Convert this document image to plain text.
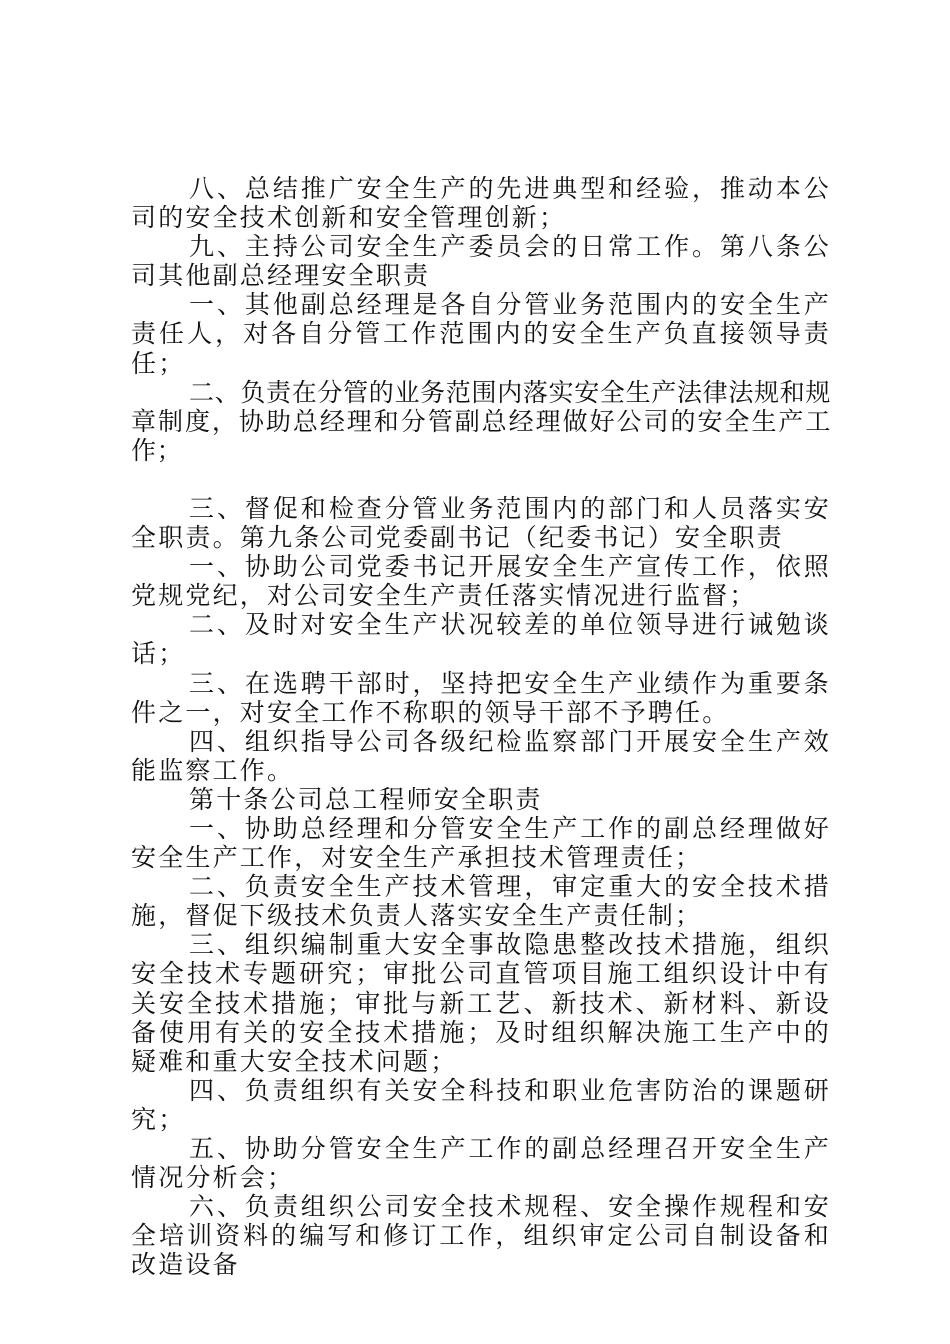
八、总结推广安全生产的先进典型和经验，推动本公司的安全技术创新和安全管理创新；

九、主持公司安全生产委员会的日常工作。第八条公司其他副总经理安全职责

一、其他副总经理是各自分管业务范围内的安全生产责任人，对各自分管工作范围内的安全生产负直接领导责任；

二、负责在分管的业务范围内落实安全生产法律法规和规章制度，协助总经理和分管副总经理做好公司的安全生产工作；

三、督促和检查分管业务范围内的部门和人员落实安全职责。第九条公司党委副书记（纪委书记）安全职责

一、协助公司党委书记开展安全生产宣传工作，依照党规党纪，对公司安全生产责任落实情况进行监督；

二、及时对安全生产状况较差的单位领导进行诫勉谈话；

三、在选聘干部时，坚持把安全生产业绩作为重要条件之一，对安全工作不称职的领导干部不予聘任。

四、组织指导公司各级纪检监察部门开展安全生产效能监察工作。

第十条公司总工程师安全职责

一、协助总经理和分管安全生产工作的副总经理做好安全生产工作，对安全生产承担技术管理责任；

二、负责安全生产技术管理，审定重大的安全技术措施，督促下级技术负责人落实安全生产责任制；

三、组织编制重大安全事故隐患整改技术措施，组织安全技术专题研究；审批公司直管项目施工组织设计中有关安全技术措施；审批与新工艺、新技术、新材料、新设备使用有关的安全技术措施；及时组织解决施工生产中的疑难和重大安全技术问题；

四、负责组织有关安全科技和职业危害防治的课题研究；

五、协助分管安全生产工作的副总经理召开安全生产情况分析会；

六、负责组织公司安全技术规程、安全操作规程和安全培训资料的编写和修订工作，组织审定公司自制设备和改造设备
